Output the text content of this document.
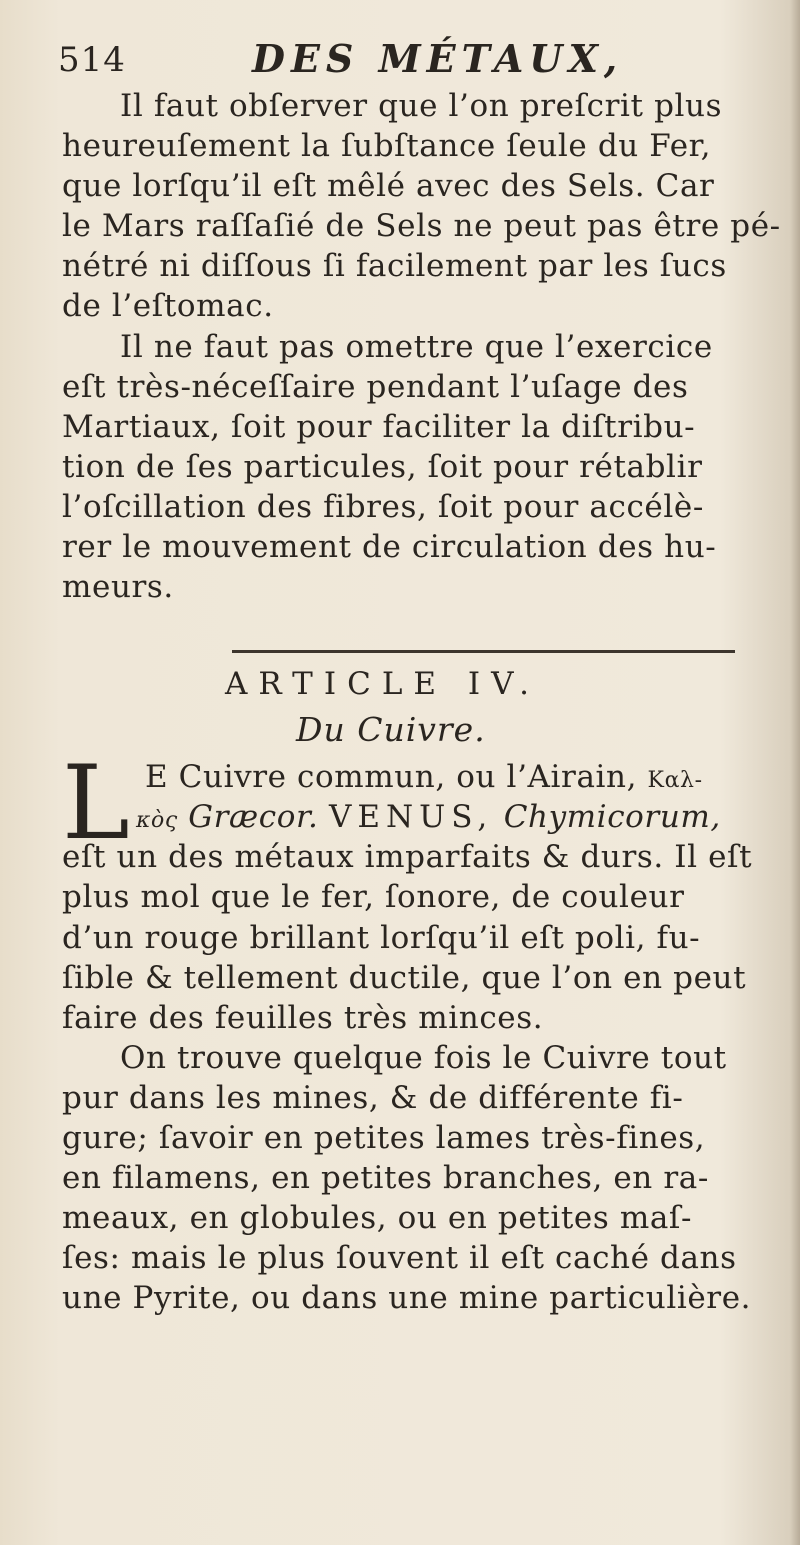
514	DES MÉTAUX,
Il faut obſerver que l’on preſcrit plus
heureuſement la ſubſtance ſeule du Fer,
que lorſqu’il eſt mêlé avec des Sels. Car
le Mars raſſaſié de Sels ne peut pas être pé-
nétré ni diſſous ſi facilement par les ſucs
de l’eſtomac.
Il ne faut pas omettre que l’exercice
eſt très-néceſſaire pendant l’uſage des
Martiaux, ſoit pour faciliter la diſtribu-
tion de ſes particules, ſoit pour rétablir
l’oſcillation des fibres, ſoit pour accélè-
rer le mouvement de circulation des hu-
meurs.
ARTICLE IV.
Du Cuivre.
L E Cuivre commun, ou l’Airain, Καλ-
κὸς Græcor. VENUS, Chymicorum,
eſt un des métaux imparfaits & durs. Il eſt
plus mol que le fer, ſonore, de couleur
d’un rouge brillant lorſqu’il eſt poli, fu-
ſible & tellement ductile, que l’on en peut
faire des feuilles très minces.
On trouve quelque fois le Cuivre tout
pur dans les mines, & de différente fi-
gure; ſavoir en petites lames très-fines,
en filamens, en petites branches, en ra-
meaux, en globules, ou en petites maſ-
ſes: mais le plus ſouvent il eſt caché dans
une Pyrite, ou dans une mine particulière.
